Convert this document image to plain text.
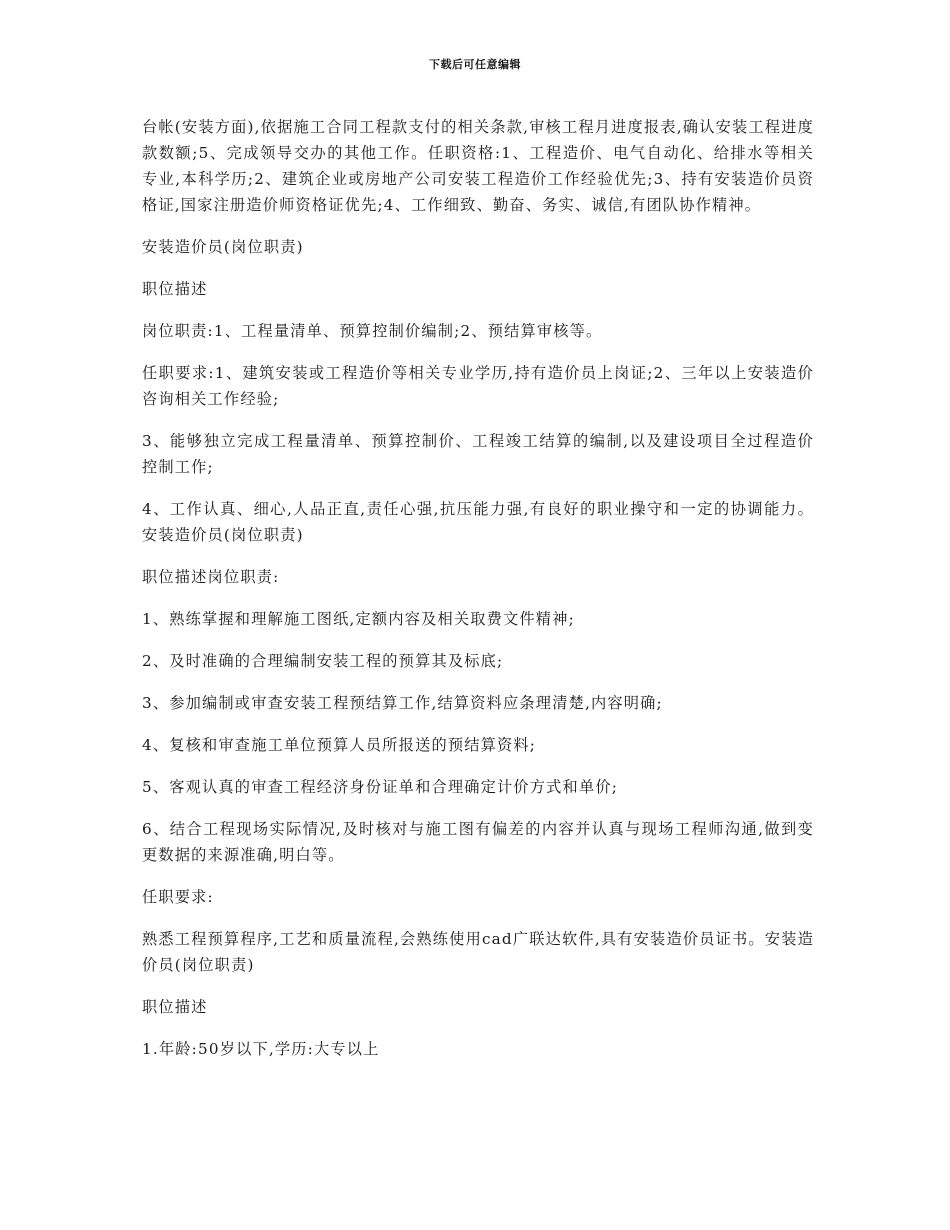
下载后可任意编辑

台帐(安装方面),依据施工合同工程款支付的相关条款,审核工程月进度报表,确认安装工程进度款数额;5、完成领导交办的其他工作。任职资格:1、工程造价、电气自动化、给排水等相关专业,本科学历;2、建筑企业或房地产公司安装工程造价工作经验优先;3、持有安装造价员资格证,国家注册造价师资格证优先;4、工作细致、勤奋、务实、诚信,有团队协作精神。

安装造价员(岗位职责)

职位描述

岗位职责:1、工程量清单、预算控制价编制;2、预结算审核等。

任职要求:1、建筑安装或工程造价等相关专业学历,持有造价员上岗证;2、三年以上安装造价咨询相关工作经验;

3、能够独立完成工程量清单、预算控制价、工程竣工结算的编制,以及建设项目全过程造价控制工作;

4、工作认真、细心,人品正直,责任心强,抗压能力强,有良好的职业操守和一定的协调能力。安装造价员(岗位职责)

职位描述岗位职责:

1、熟练掌握和理解施工图纸,定额内容及相关取费文件精神;

2、及时准确的合理编制安装工程的预算其及标底;

3、参加编制或审查安装工程预结算工作,结算资料应条理清楚,内容明确;

4、复核和审查施工单位预算人员所报送的预结算资料;

5、客观认真的审查工程经济身份证单和合理确定计价方式和单价;

6、结合工程现场实际情况,及时核对与施工图有偏差的内容并认真与现场工程师沟通,做到变更数据的来源准确,明白等。

任职要求:

熟悉工程预算程序,工艺和质量流程,会熟练使用cad广联达软件,具有安装造价员证书。安装造价员(岗位职责)

职位描述

1.年龄:50岁以下,学历:大专以上
